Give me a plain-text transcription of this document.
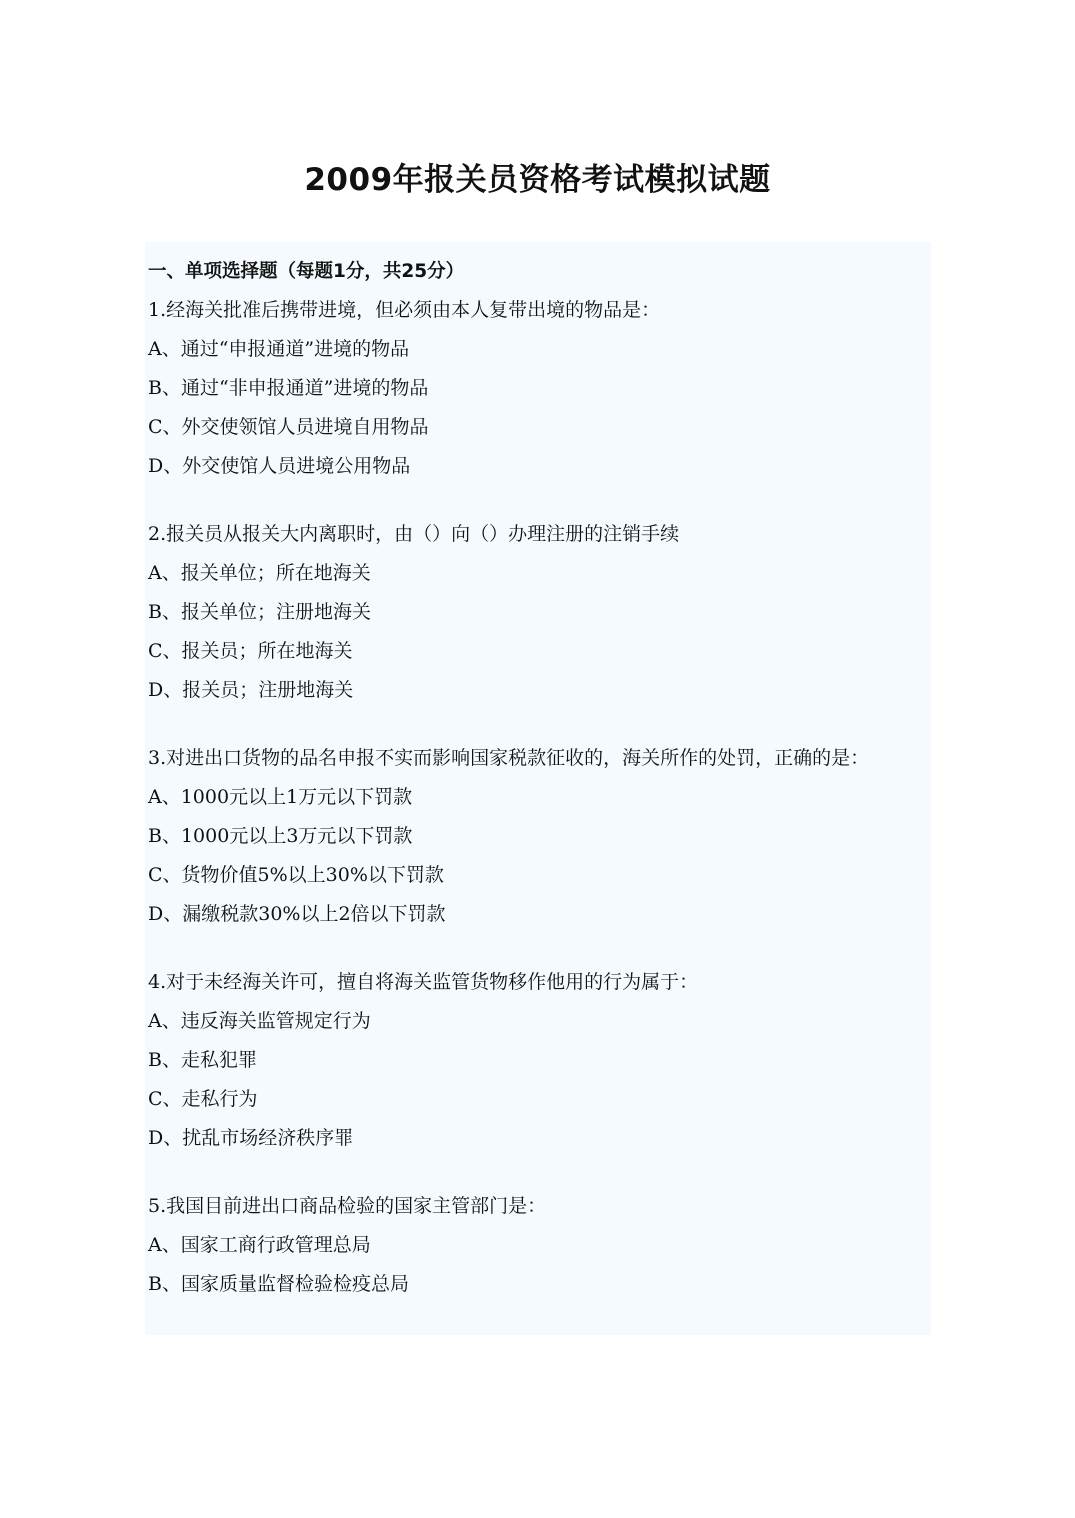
2009年报关员资格考试模拟试题
一、单项选择题（每题1分，共25分）
1.经海关批准后携带进境，但必须由本人复带出境的物品是：
A、通过“申报通道”进境的物品
B、通过“非申报通道”进境的物品
C、外交使领馆人员进境自用物品
D、外交使馆人员进境公用物品
2.报关员从报关大内离职时，由（）向（）办理注册的注销手续
A、报关单位；所在地海关
B、报关单位；注册地海关
C、报关员；所在地海关
D、报关员；注册地海关
3.对进出口货物的品名申报不实而影响国家税款征收的，海关所作的处罚，正确的是：
A、1000元以上1万元以下罚款
B、1000元以上3万元以下罚款
C、货物价值5%以上30%以下罚款
D、漏缴税款30%以上2倍以下罚款
4.对于未经海关许可，擅自将海关监管货物移作他用的行为属于：
A、违反海关监管规定行为
B、走私犯罪
C、走私行为
D、扰乱市场经济秩序罪
5.我国目前进出口商品检验的国家主管部门是：
A、国家工商行政管理总局
B、国家质量监督检验检疫总局
